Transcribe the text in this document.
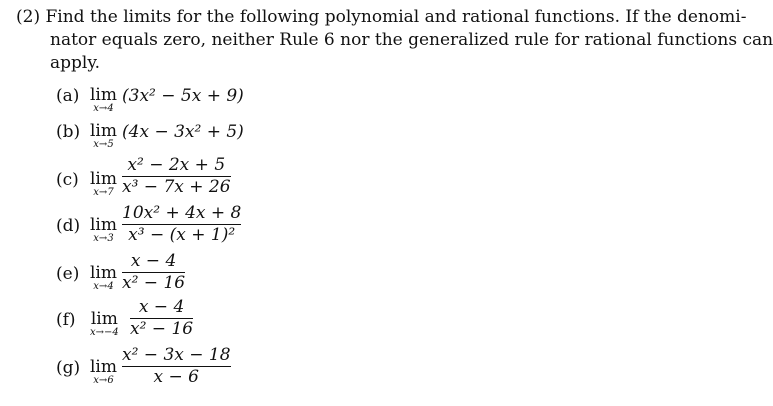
(2) Find the limits for the following polynomial and rational functions. If the denomi-
nator equals zero, neither Rule 6 nor the generalized rule for rational functions can
apply.
(a) lim
x→4
(3x² − 5x + 9)
(b) lim
x→5
(4x − 3x² + 5)
(c) lim
x→7
x² − 2x + 5
x³ − 7x + 26
(d) lim
x→3
10x² + 4x + 8
x³ − (x + 1)²
(e) lim
x→4
x − 4
x² − 16
(f) lim
x→−4
x − 4
x² − 16
(g) lim
x→6
x² − 3x − 18
x − 6
